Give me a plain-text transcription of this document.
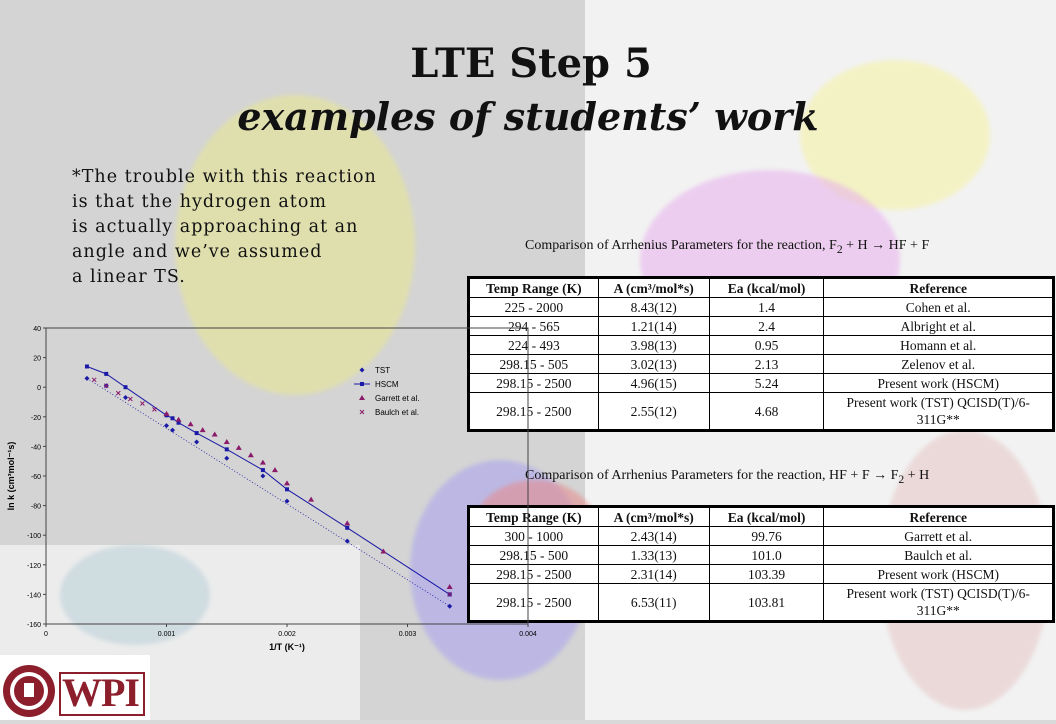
LTE Step 5
examples of students’ work
*The trouble with this reaction
is that the hydrogen atom
is actually approaching at an
angle and we’ve assumed
a linear TS.
Comparison of Arrhenius Parameters for the reaction, $F_2 + H$ → HF + F
Temp Range (K)	A (cm³/mol*s)	Ea (kcal/mol)	Reference
225 - 2000	8.43(12)	1.4	Cohen et al.
294 - 565	1.21(14)	2.4	Albright et al.
224 - 493	3.98(13)	0.95	Homann et al.
298.15 - 505	3.02(13)	2.13	Zelenov et al.
298.15 - 2500	4.96(15)	5.24	Present work (HSCM)
298.15 - 2500	2.55(12)	4.68	Present work (TST) QCISD(T)/6-311G**
Comparison of Arrhenius Parameters for the reaction, HF + $F \to F_2 + H$
Temp Range (K)	A (cm³/mol*s)	Ea (kcal/mol)	Reference
300 - 1000	2.43(14)	99.76	Garrett et al.
298.15 - 500	1.33(13)	101.0	Baulch et al.
298.15 - 2500	2.31(14)	103.39	Present work (HSCM)
298.15 - 2500	6.53(11)	103.81	Present work (TST) QCISD(T)/6-311G**
40
20
0
-20
-40
-60
-80
-100
-120
-140
-160
0	0.001	0.002	0.003	0.004
1/T (K⁻¹)
ln k (cm³mol⁻¹s)
TST
HSCM
Garrett et al.
Baulch et al.
WPI
